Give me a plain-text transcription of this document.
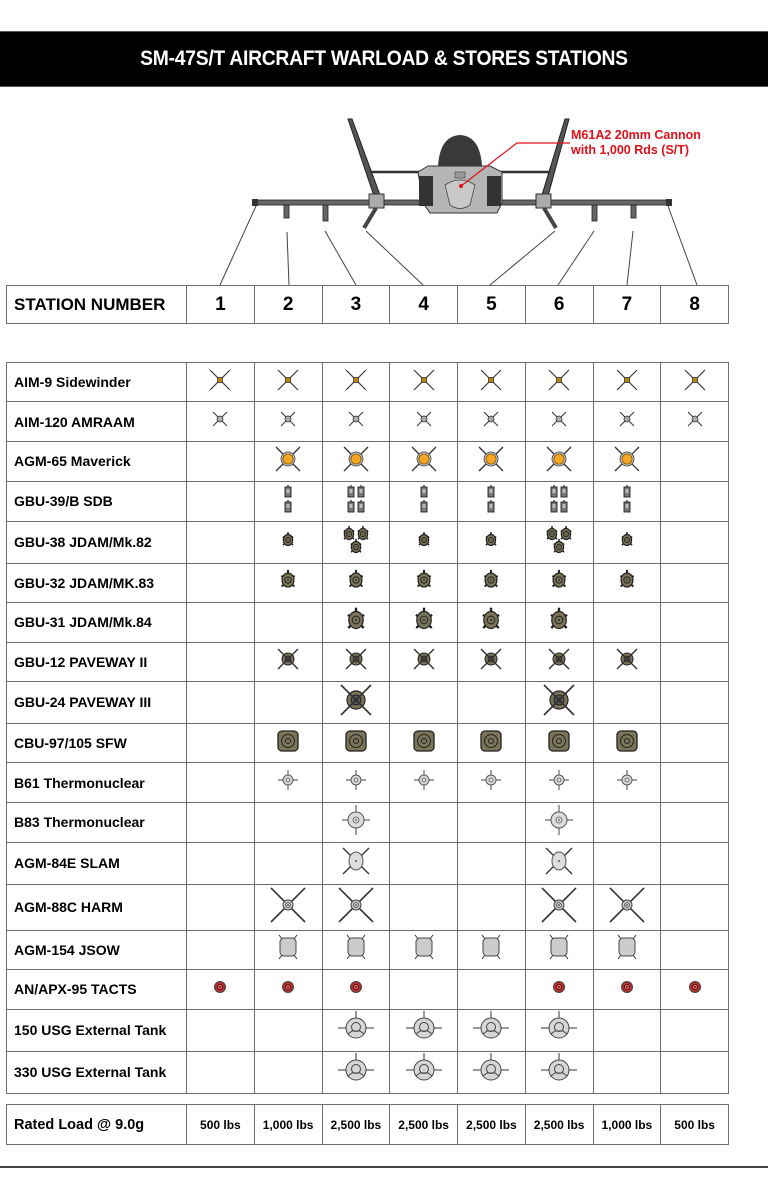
SM-47S/T AIRCRAFT WARLOAD & STORES STATIONS
M61A2 20mm Cannon
with 1,000 Rds (S/T)
STATION NUMBER	1	2	3	4	5	6	7	8
AIM-9 Sidewinder	

AIM-120 AMRAAM	

AGM-65 Maverick		

GBU-39/B SDB		

GBU-38 JDAM/Mk.82		

GBU-32 JDAM/MK.83		

GBU-31 JDAM/Mk.84			

GBU-12 PAVEWAY II		

GBU-24 PAVEWAY III			

CBU-97/105 SFW		

B61 Thermonuclear		

B83 Thermonuclear			

AGM-84E SLAM			

AGM-88C HARM		

AGM-154 JSOW		

AN/APX-95 TACTS	

150 USG External Tank			

330 USG External Tank			

Rated Load @ 9.0g	500 lbs	1,000 lbs	2,500 lbs	2,500 lbs	2,500 lbs	2,500 lbs	1,000 lbs	500 lbs
